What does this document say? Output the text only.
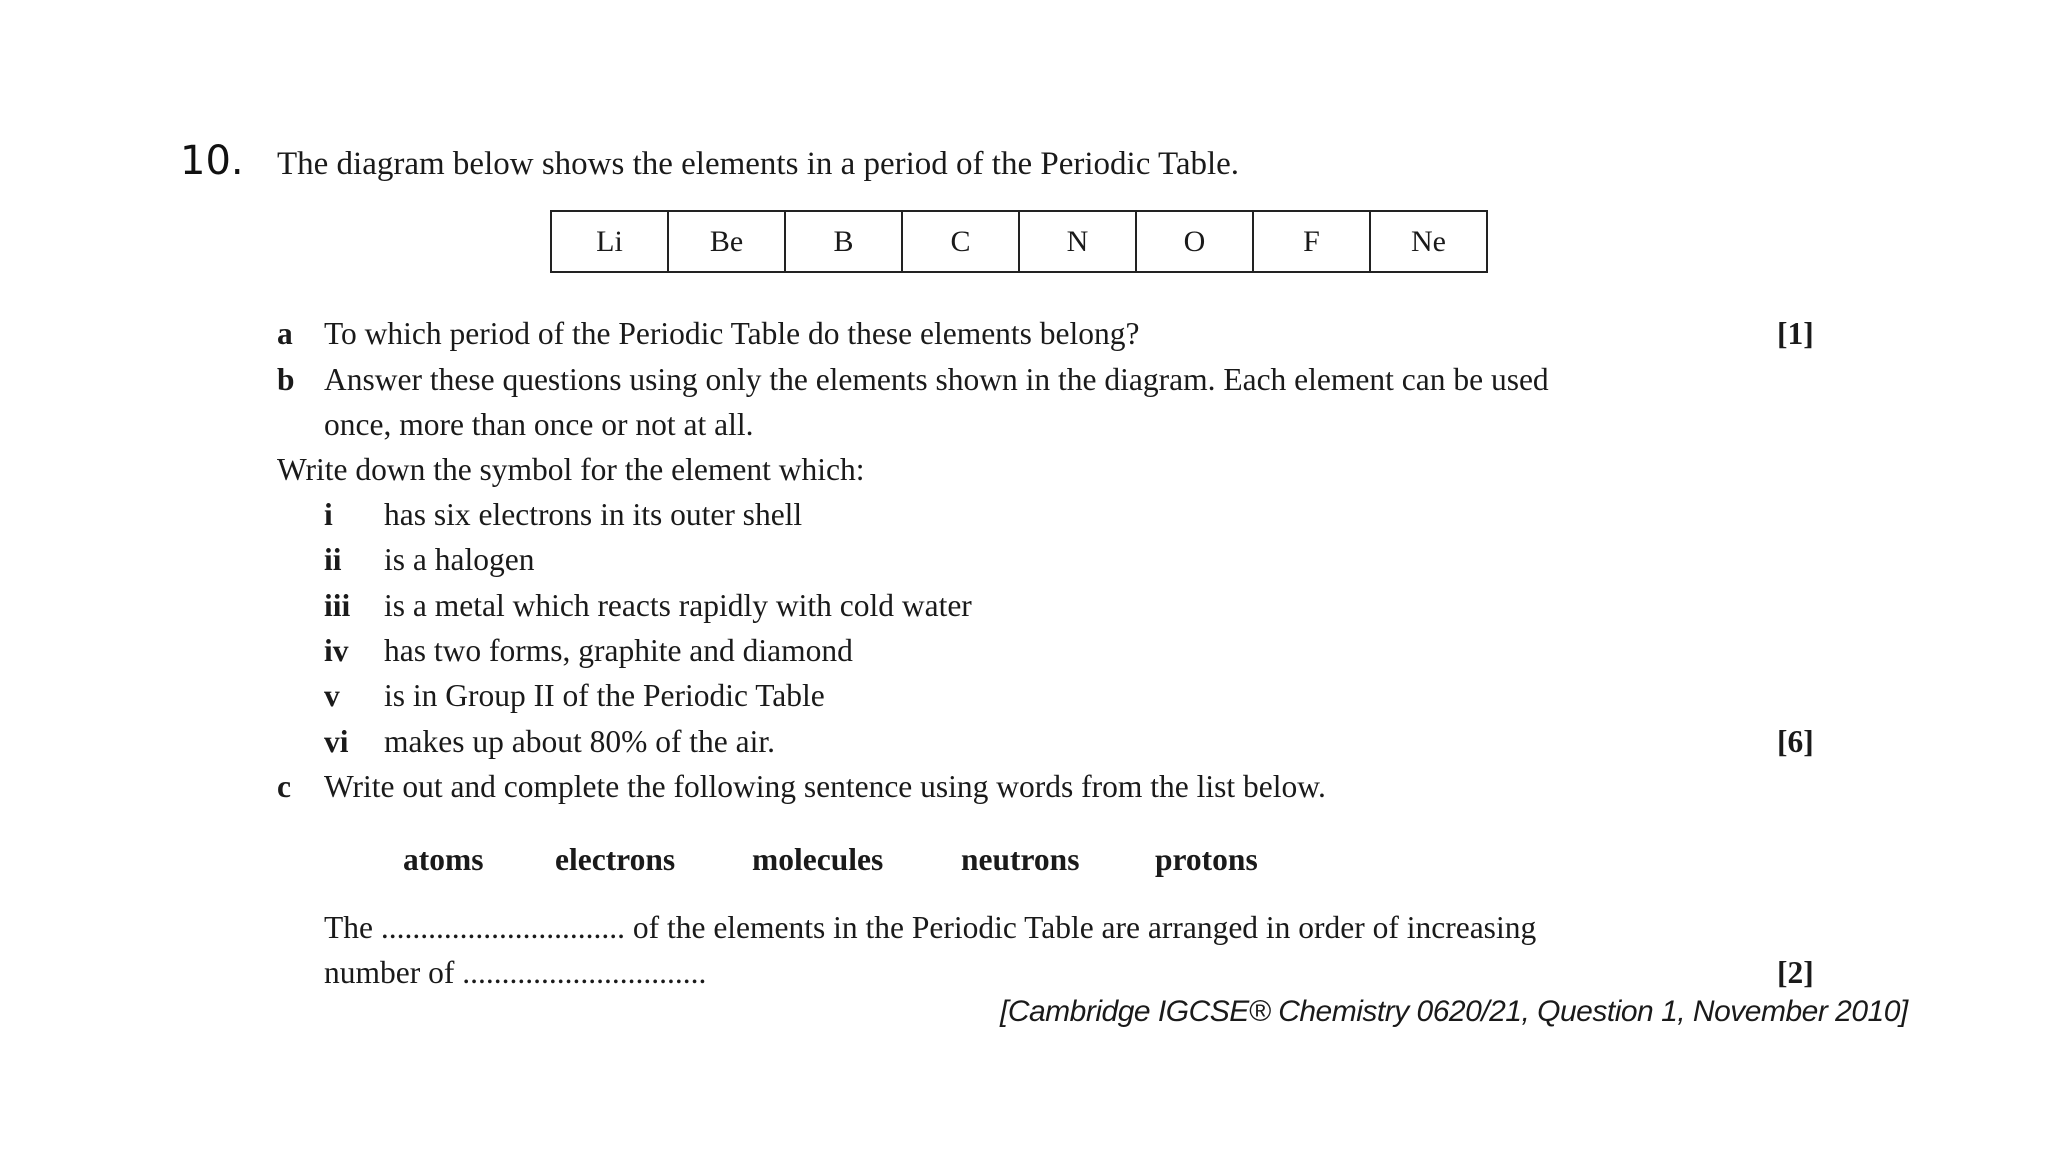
10. The diagram below shows the elements in a period of the Periodic Table.
Li	Be	B	C	N	O	F	Ne
a To which period of the Periodic Table do these elements belong?	[1]
b Answer these questions using only the elements shown in the diagram. Each element can be used
once, more than once or not at all.
Write down the symbol for the element which:
i has six electrons in its outer shell
ii is a halogen
iii is a metal which reacts rapidly with cold water
iv has two forms, graphite and diamond
v is in Group II of the Periodic Table
vi makes up about 80% of the air.	[6]
c Write out and complete the following sentence using words from the list below.
atoms electrons molecules neutrons protons
The ............................... of the elements in the Periodic Table are arranged in order of increasing
number of ...............................	[2]
[Cambridge IGCSE® Chemistry 0620/21, Question 1, November 2010]
